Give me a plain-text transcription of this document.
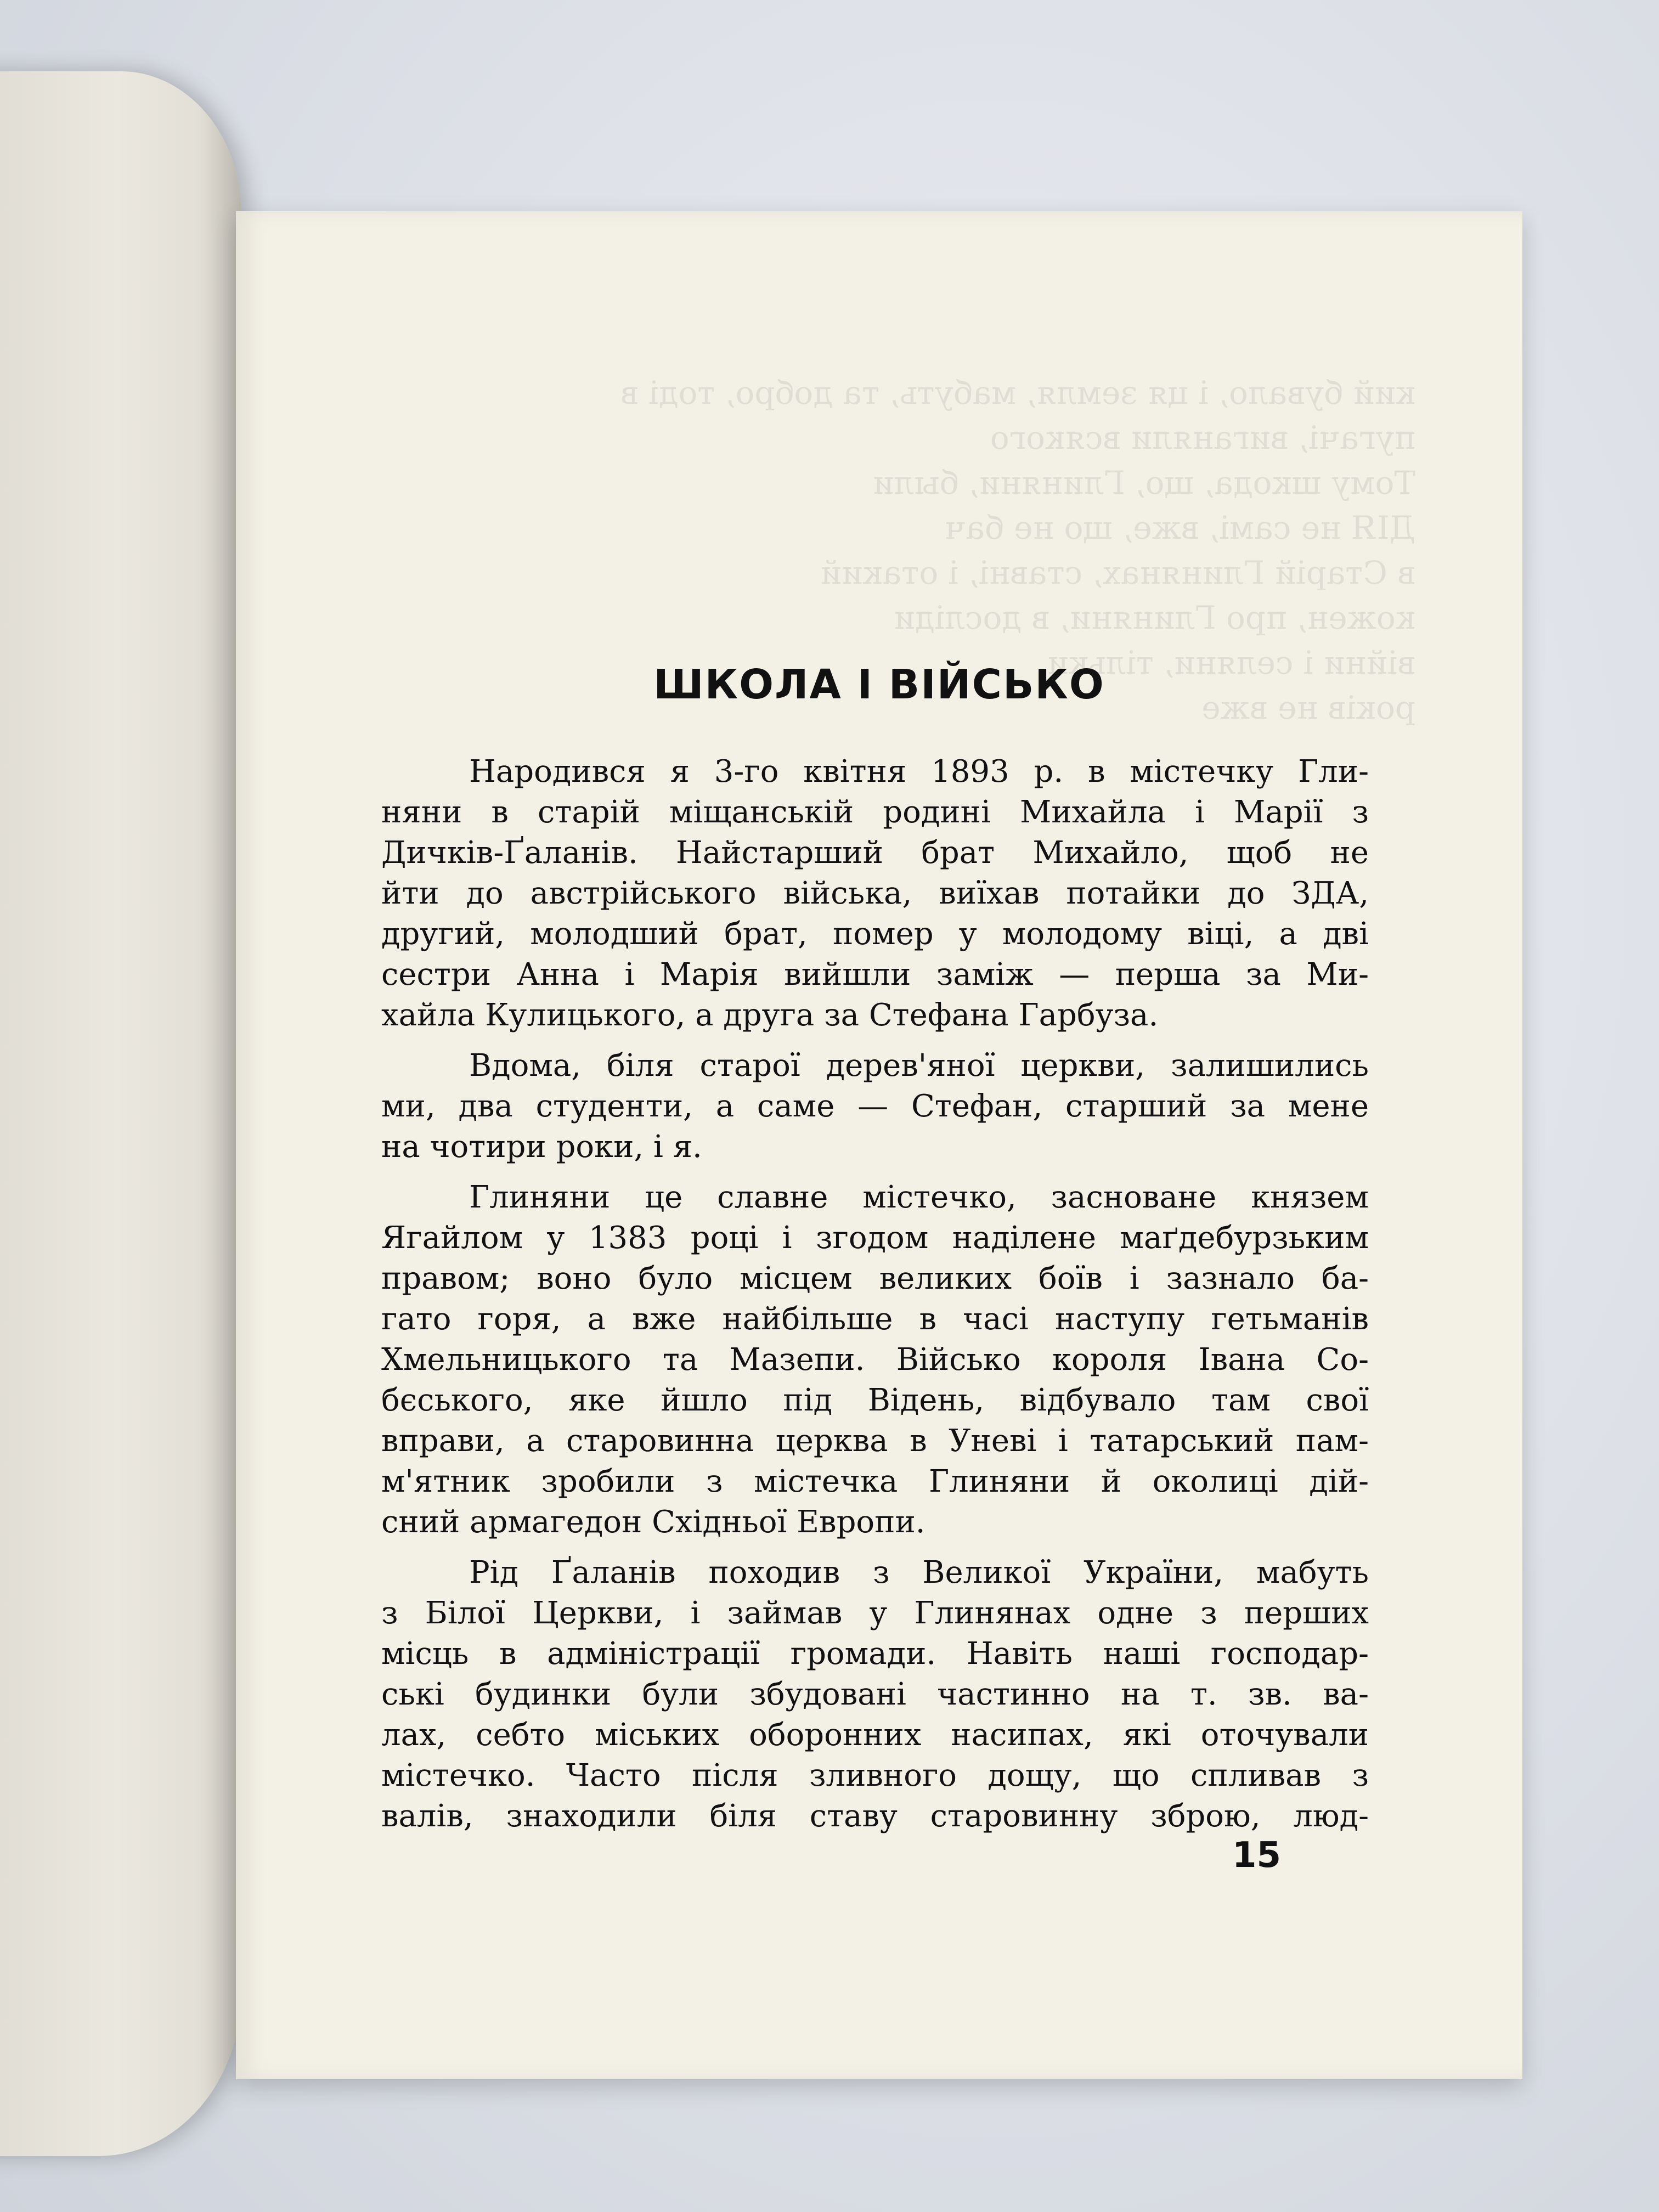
кий бувало, і ця земля, мабуть, та добро, тоді в
пугачі, виганяли всякого
Тому шкода, що, Глиняни, были
ДІЯ не самі, вже, що не бач
в Старій Глинянах, ставні, і отакий
кожен, про Глиняни, в досліди
війни і селяни, тільки
років не вже
ШКОЛА І ВІЙСЬКО
Народився я 3-го квітня 1893 р. в містечку Гли-
няни в старій міщанській родині Михайла і Марії з
Дичків-Ґаланів. Найстарший брат Михайло, щоб не
йти до австрійського війська, виїхав потайки до ЗДА,
другий, молодший брат, помер у молодому віці, а дві
сестри Анна і Марія вийшли заміж — перша за Ми-
хайла Кулицького, а друга за Стефана Гарбуза.
Вдома, біля старої дерев'яної церкви, залишились
ми, два студенти, а саме — Стефан, старший за мене
на чотири роки, і я.
Глиняни це славне містечко, засноване князем
Ягайлом у 1383 році і згодом наділене маґдебурзьким
правом; воно було місцем великих боїв і зазнало ба-
гато горя, а вже найбільше в часі наступу гетьманів
Хмельницького та Мазепи. Військо короля Івана Со-
бєського, яке йшло під Відень, відбувало там свої
вправи, а старовинна церква в Уневі і татарський пам-
м'ятник зробили з містечка Глиняни й околиці дій-
сний армагедон Східньої Европи.
Рід Ґаланів походив з Великої України, мабуть
з Білої Церкви, і займав у Глинянах одне з перших
місць в адміністрації громади. Навіть наші господар-
ські будинки були збудовані частинно на т. зв. ва-
лах, себто міських оборонних насипах, які оточували
містечко. Часто після зливного дощу, що спливав з
валів, знаходили біля ставу старовинну зброю, люд-
15
